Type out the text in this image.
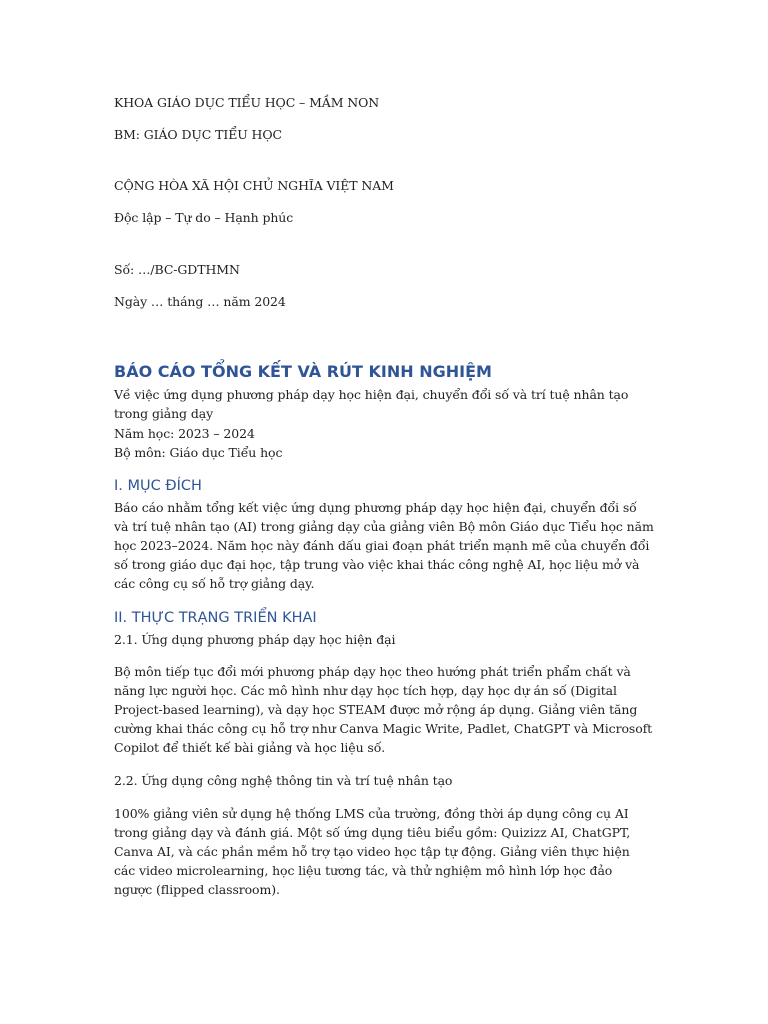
KHOA GIÁO DỤC TIỂU HỌC – MẦM NON
BM: GIÁO DỤC TIỂU HỌC
CỘNG HÒA XÃ HỘI CHỦ NGHĨA VIỆT NAM
Độc lập – Tự do – Hạnh phúc
Số: …/BC-GDTHMN
Ngày … tháng … năm 2024
BÁO CÁO TỔNG KẾT VÀ RÚT KINH NGHIỆM
Về việc ứng dụng phương pháp dạy học hiện đại, chuyển đổi số và trí tuệ nhân tạo trong giảng dạy
Năm học: 2023 – 2024
Bộ môn: Giáo dục Tiểu học
I. MỤC ĐÍCH
Báo cáo nhằm tổng kết việc ứng dụng phương pháp dạy học hiện đại, chuyển đổi số và trí tuệ nhân tạo (AI) trong giảng dạy của giảng viên Bộ môn Giáo dục Tiểu học năm học 2023–2024. Năm học này đánh dấu giai đoạn phát triển mạnh mẽ của chuyển đổi số trong giáo dục đại học, tập trung vào việc khai thác công nghệ AI, học liệu mở và các công cụ số hỗ trợ giảng dạy.
II. THỰC TRẠNG TRIỂN KHAI
2.1. Ứng dụng phương pháp dạy học hiện đại
Bộ môn tiếp tục đổi mới phương pháp dạy học theo hướng phát triển phẩm chất và năng lực người học. Các mô hình như dạy học tích hợp, dạy học dự án số (Digital Project-based learning), và dạy học STEAM được mở rộng áp dụng. Giảng viên tăng cường khai thác công cụ hỗ trợ như Canva Magic Write, Padlet, ChatGPT và Microsoft Copilot để thiết kế bài giảng và học liệu số.
2.2. Ứng dụng công nghệ thông tin và trí tuệ nhân tạo
100% giảng viên sử dụng hệ thống LMS của trường, đồng thời áp dụng công cụ AI trong giảng dạy và đánh giá. Một số ứng dụng tiêu biểu gồm: Quizizz AI, ChatGPT, Canva AI, và các phần mềm hỗ trợ tạo video học tập tự động. Giảng viên thực hiện các video microlearning, học liệu tương tác, và thử nghiệm mô hình lớp học đảo ngược (flipped classroom).
